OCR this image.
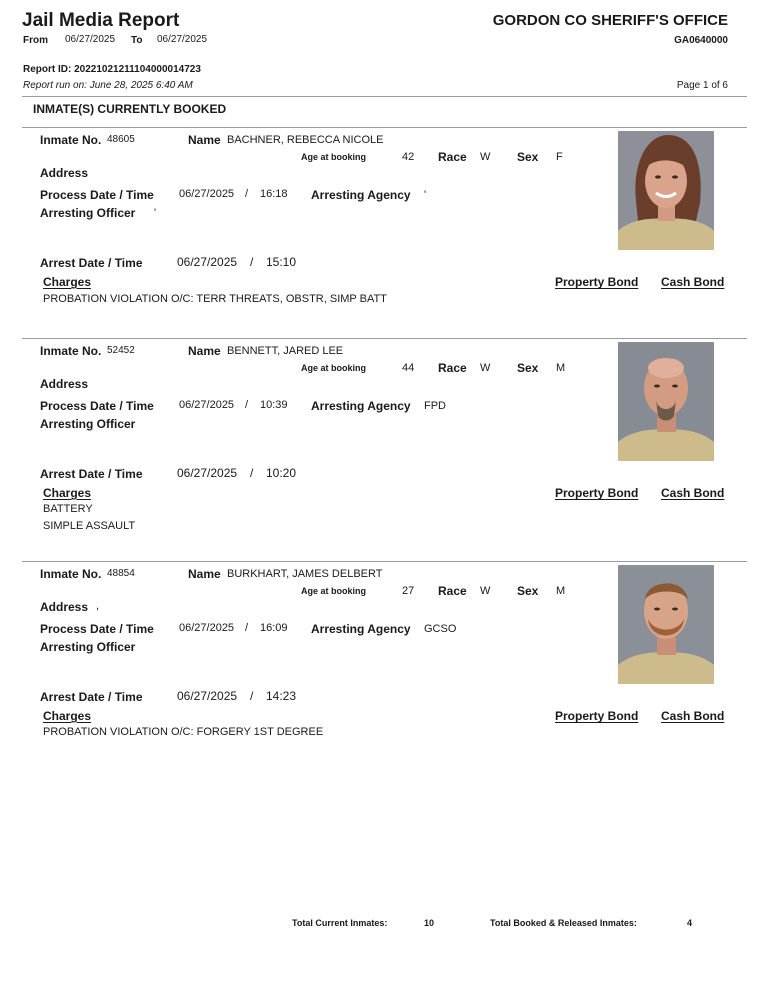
Jail Media Report	GORDON CO SHERIFF'S OFFICE
From 06/27/2025 To 06/27/2025	GA0640000
Report ID: 20221021211104000014723
Report run on: June 28, 2025 6:40 AM	Page 1 of 6
INMATE(S) CURRENTLY BOOKED
Inmate No. 48605	Name BACHNER, REBECCA NICOLE
Age at booking	42 Race W Sex F
Address
Process Date / Time 06/27/2025 / 16:18 Arresting Agency '
Arresting Officer '
Arrest Date / Time	06/27/2025 / 15:10
Charges	Property Bond Cash Bond
PROBATION VIOLATION O/C: TERR THREATS, OBSTR, SIMP BATT
Inmate No. 52452	Name BENNETT, JARED LEE
Age at booking	44 Race W Sex M
Address
Process Date / Time 06/27/2025 / 10:39 Arresting Agency FPD
Arresting Officer
Arrest Date / Time	06/27/2025 / 10:20
Charges	Property Bond Cash Bond
BATTERY
SIMPLE ASSAULT
Inmate No. 48854	Name BURKHART, JAMES DELBERT
Age at booking	27 Race W Sex M
Address ,
Process Date / Time 06/27/2025 / 16:09 Arresting Agency GCSO
Arresting Officer
Arrest Date / Time	06/27/2025 / 14:23
Charges	Property Bond Cash Bond
PROBATION VIOLATION O/C: FORGERY 1ST DEGREE
Total Current Inmates:	10	Total Booked & Released Inmates:	4
